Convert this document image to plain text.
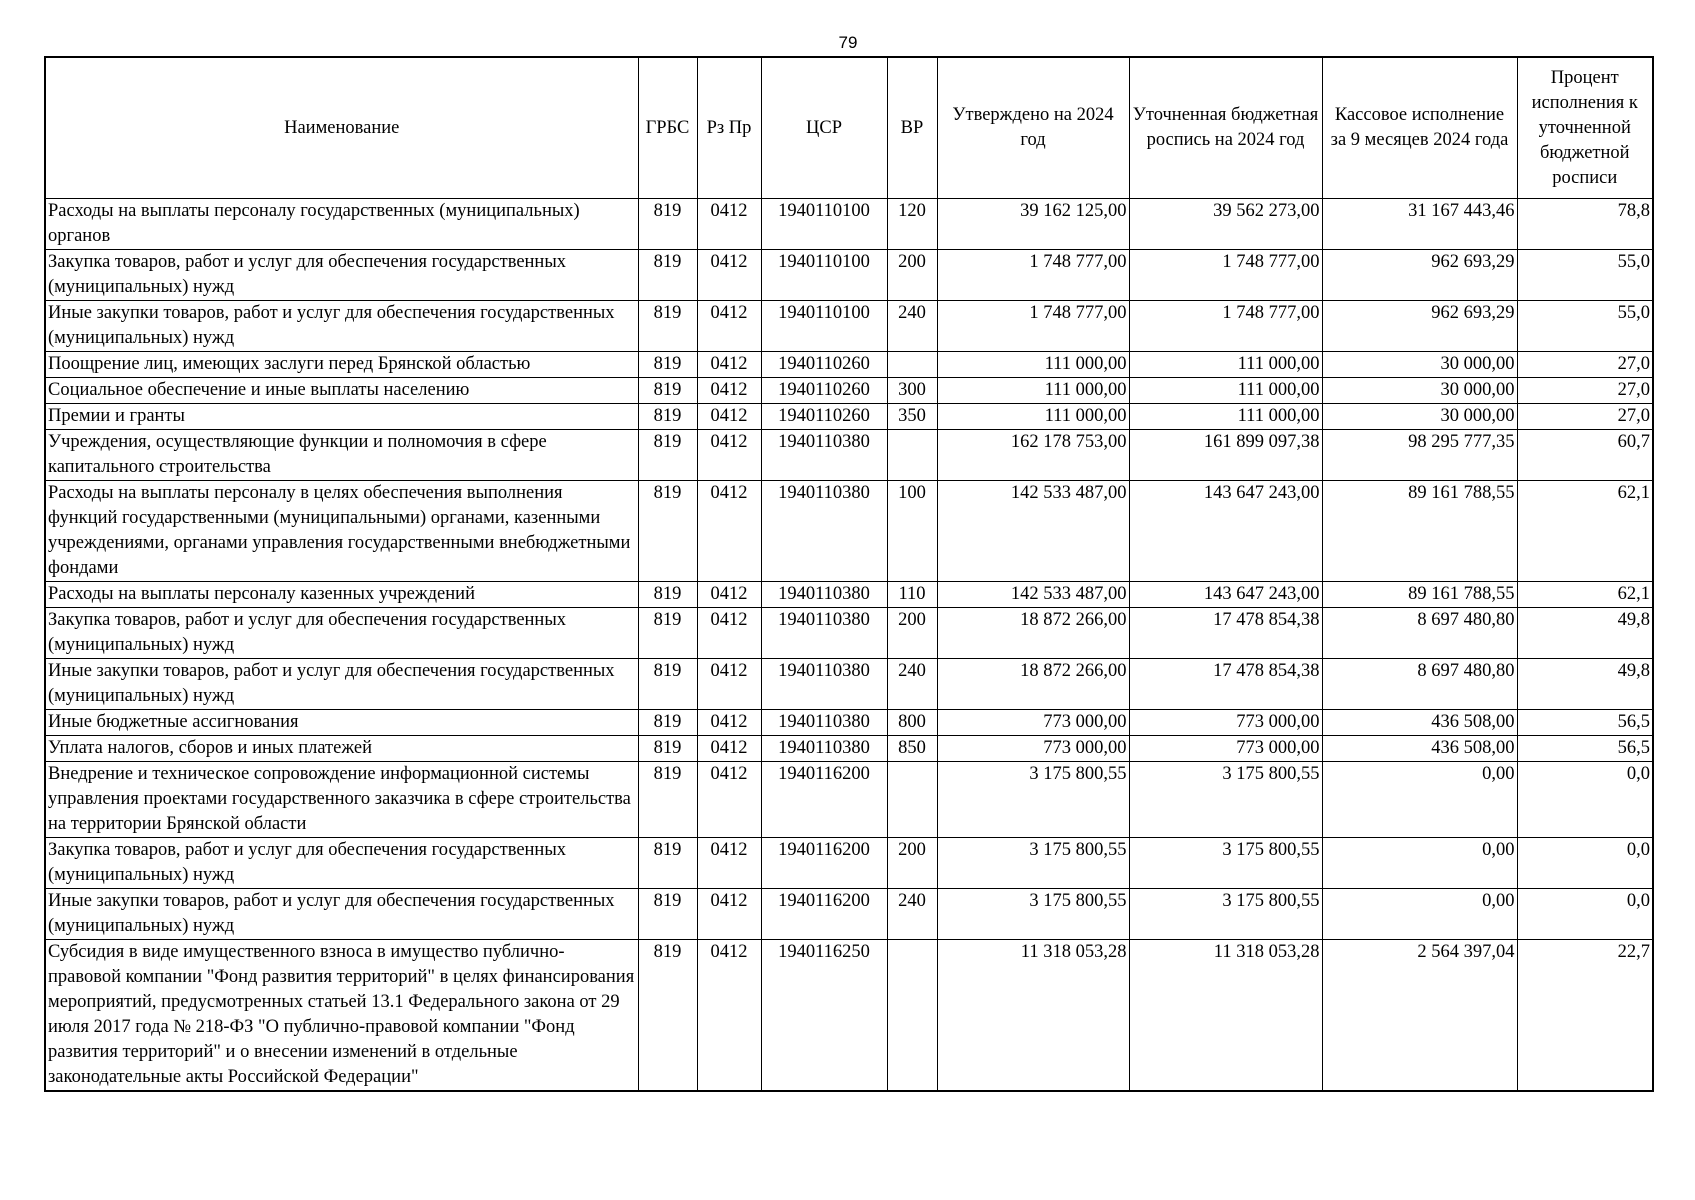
79
Наименование	ГРБС	Рз Пр	ЦСР	ВР	Утверждено на 2024 год	Уточненная бюджетная роспись на 2024 год	Кассовое исполнение за 9 месяцев 2024 года	Процент исполнения к уточненной бюджетной росписи
Расходы на выплаты персоналу государственных (муниципальных) органов	819	0412	1940110100	120	39 162 125,00	39 562 273,00	31 167 443,46	78,8
Закупка товаров, работ и услуг для обеспечения государственных (муниципальных) нужд	819	0412	1940110100	200	1 748 777,00	1 748 777,00	962 693,29	55,0
Иные закупки товаров, работ и услуг для обеспечения государственных (муниципальных) нужд	819	0412	1940110100	240	1 748 777,00	1 748 777,00	962 693,29	55,0
Поощрение лиц, имеющих заслуги перед Брянской областью	819	0412	1940110260		111 000,00	111 000,00	30 000,00	27,0
Социальное обеспечение и иные выплаты населению	819	0412	1940110260	300	111 000,00	111 000,00	30 000,00	27,0
Премии и гранты	819	0412	1940110260	350	111 000,00	111 000,00	30 000,00	27,0
Учреждения, осуществляющие функции и полномочия в сфере капитального строительства	819	0412	1940110380		162 178 753,00	161 899 097,38	98 295 777,35	60,7
Расходы на выплаты персоналу в целях обеспечения выполнения функций государственными (муниципальными) органами, казенными учреждениями, органами управления государственными внебюджетными фондами	819	0412	1940110380	100	142 533 487,00	143 647 243,00	89 161 788,55	62,1
Расходы на выплаты персоналу казенных учреждений	819	0412	1940110380	110	142 533 487,00	143 647 243,00	89 161 788,55	62,1
Закупка товаров, работ и услуг для обеспечения государственных (муниципальных) нужд	819	0412	1940110380	200	18 872 266,00	17 478 854,38	8 697 480,80	49,8
Иные закупки товаров, работ и услуг для обеспечения государственных (муниципальных) нужд	819	0412	1940110380	240	18 872 266,00	17 478 854,38	8 697 480,80	49,8
Иные бюджетные ассигнования	819	0412	1940110380	800	773 000,00	773 000,00	436 508,00	56,5
Уплата налогов, сборов и иных платежей	819	0412	1940110380	850	773 000,00	773 000,00	436 508,00	56,5
Внедрение и техническое сопровождение информационной системы управления проектами государственного заказчика в сфере строительства на территории Брянской области	819	0412	1940116200		3 175 800,55	3 175 800,55	0,00	0,0
Закупка товаров, работ и услуг для обеспечения государственных (муниципальных) нужд	819	0412	1940116200	200	3 175 800,55	3 175 800,55	0,00	0,0
Иные закупки товаров, работ и услуг для обеспечения государственных (муниципальных) нужд	819	0412	1940116200	240	3 175 800,55	3 175 800,55	0,00	0,0
Субсидия в виде имущественного взноса в имущество публично-правовой компании "Фонд развития территорий" в целях финансирования мероприятий, предусмотренных статьей 13.1 Федерального закона от 29 июля 2017 года № 218-ФЗ "О публично-правовой компании "Фонд развития территорий" и о внесении изменений в отдельные законодательные акты Российской Федерации"	819	0412	1940116250		11 318 053,28	11 318 053,28	2 564 397,04	22,7
